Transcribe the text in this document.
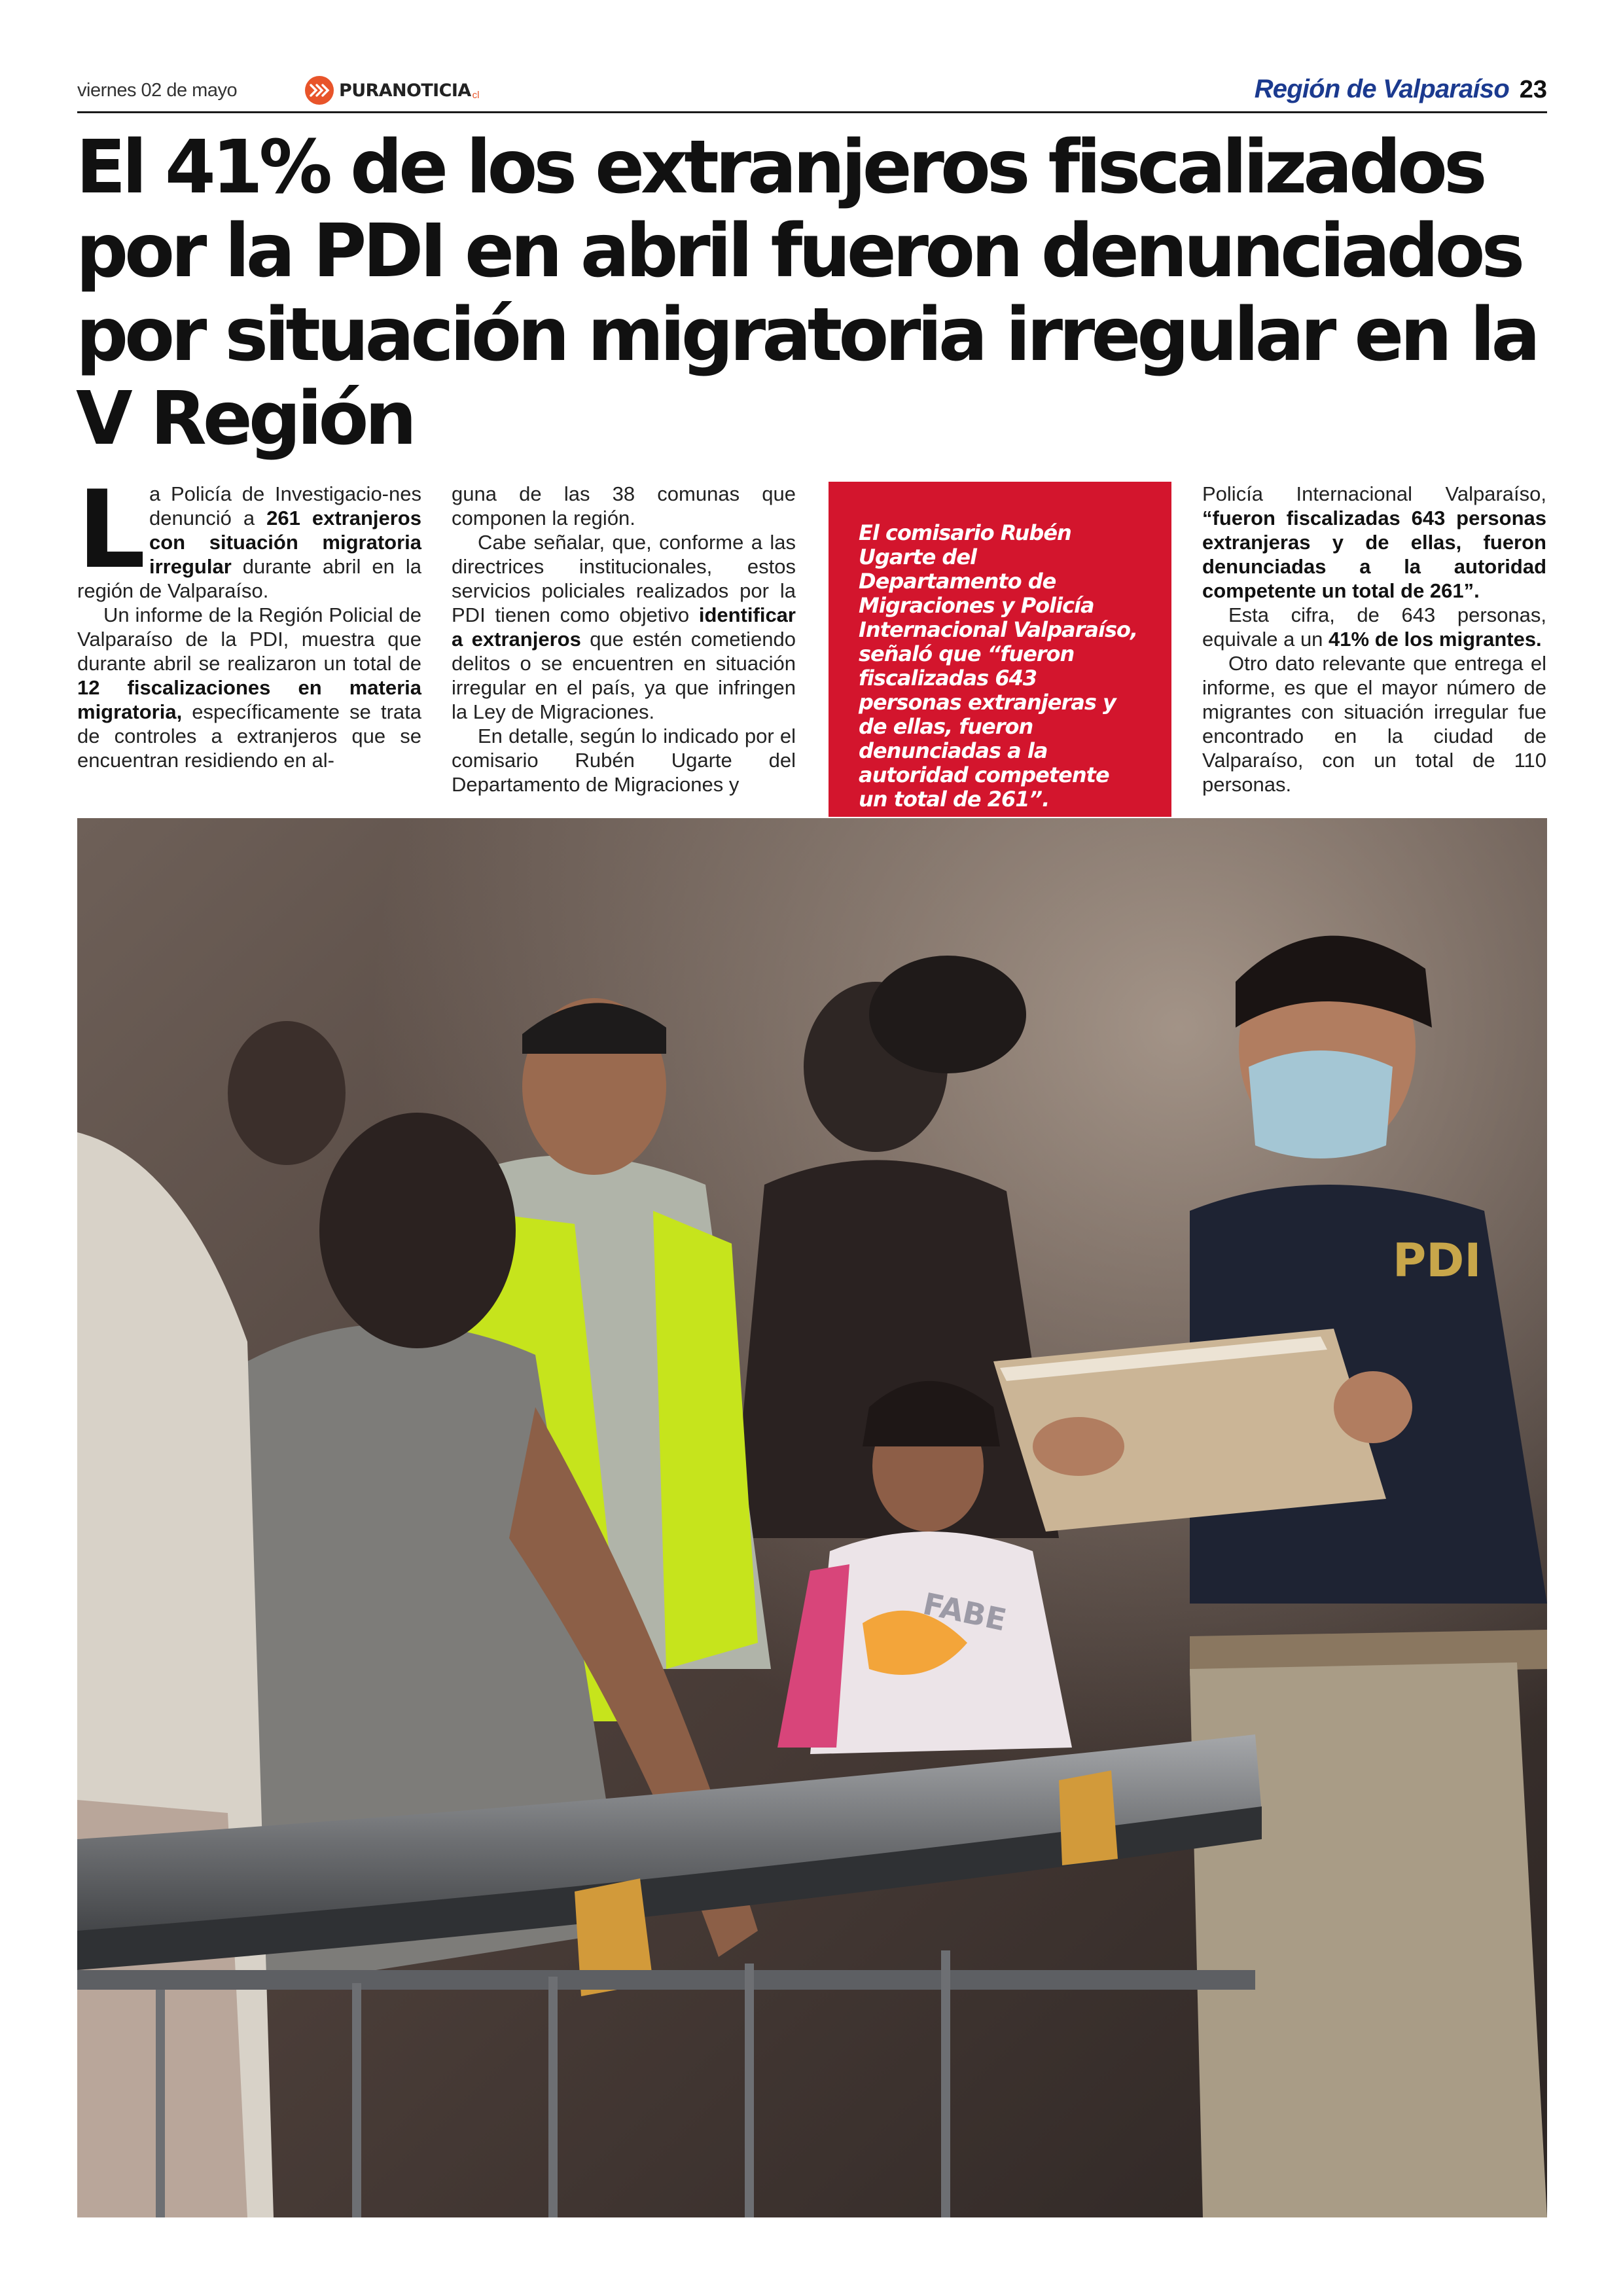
viernes 02 de mayo	PURANOTICIA cl	Región de Valparaíso 23
El 41% de los extranjeros fiscalizados por la PDI en abril fueron denunciados por situación migratoria irregular en la V Región
L a Policía de Investigacio-nes denunció a 261 extranjeros con situación migratoria irregular durante abril en la región de Valparaíso.

Un informe de la Región Policial de Valparaíso de la PDI, muestra que durante abril se realizaron un total de 12 fiscalizaciones en materia migratoria, específicamente se trata de controles a extranjeros que se encuentran residiendo en al-

guna de las 38 comunas que componen la región.

Cabe señalar, que, conforme a las directrices institucionales, estos servicios policiales realizados por la PDI tienen como objetivo identificar a extranjeros que estén cometiendo delitos o se encuentren en situación irregular en el país, ya que infringen la Ley de Migraciones.

En detalle, según lo indicado por el comisario Rubén Ugarte del Departamento de Migraciones y

El comisario Rubén Ugarte del Departamento de Migraciones y Policía Internacional Valparaíso, señaló que “fueron fiscalizadas 643 personas extranjeras y de ellas, fueron denunciadas a la autoridad competente un total de 261”.

Policía Internacional Valparaíso, “fueron fiscalizadas 643 personas extranjeras y de ellas, fueron denunciadas a la autoridad competente un total de 261”.

Esta cifra, de 643 personas, equivale a un 41% de los migrantes.

Otro dato relevante que entrega el informe, es que el mayor número de migrantes con situación irregular fue encontrado en la ciudad de Valparaíso, con un total de 110 personas.

FABE
PDI
